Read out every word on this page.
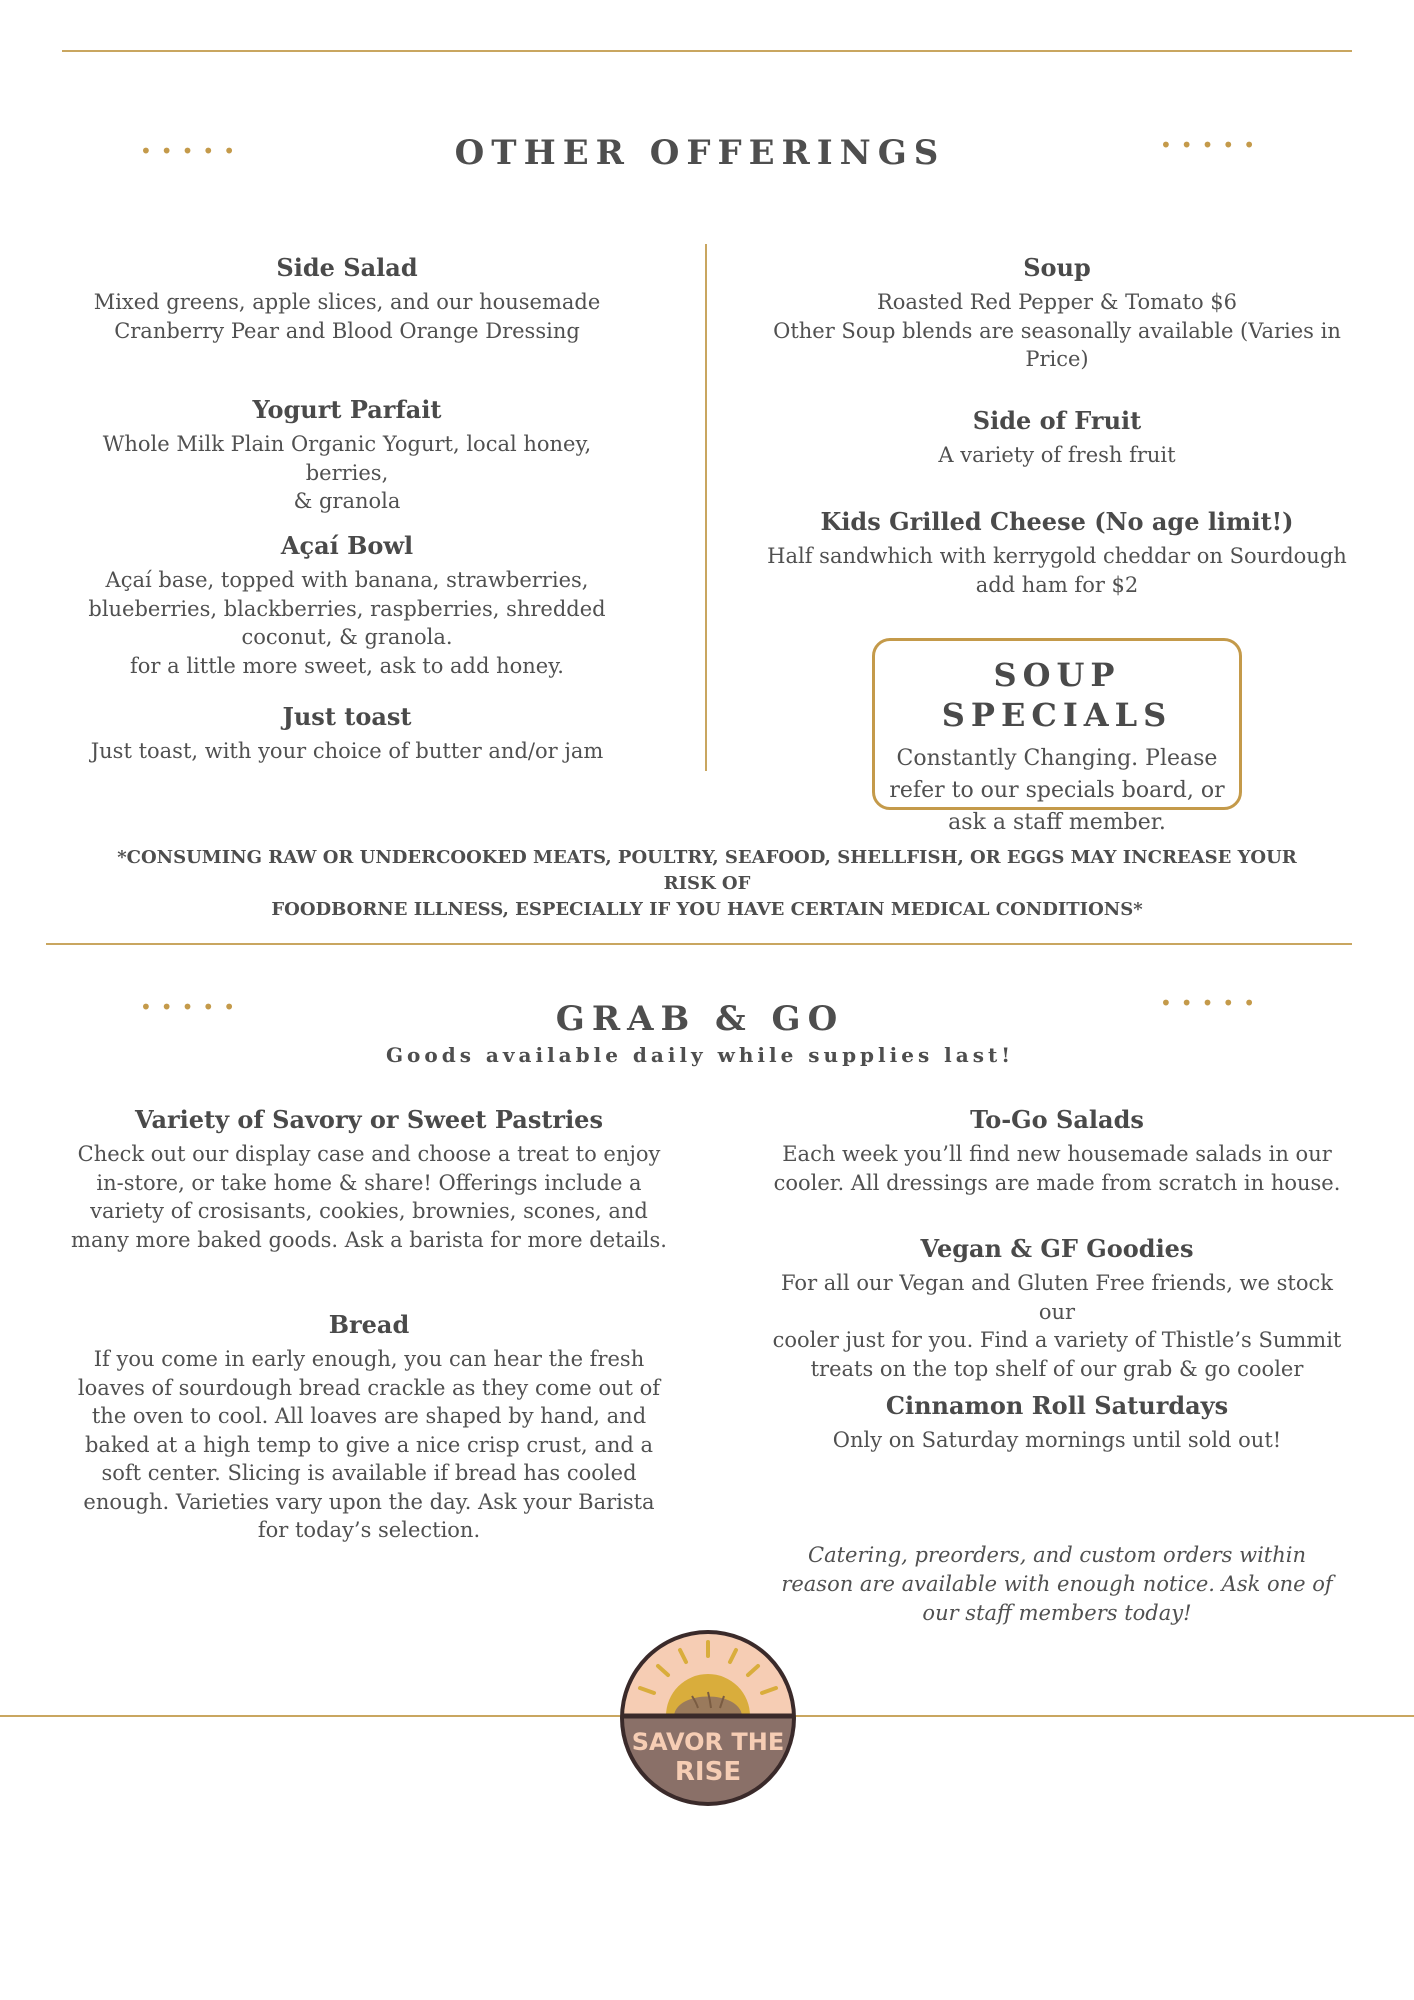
•••••	•••••
OTHER OFFERINGS
Side Salad
Mixed greens, apple slices, and our housemade
Cranberry Pear and Blood Orange Dressing
Yogurt Parfait
Whole Milk Plain Organic Yogurt, local honey, berries,
& granola
Açaí Bowl
Açaí base, topped with banana, strawberries,
blueberries, blackberries, raspberries, shredded
coconut, & granola.
for a little more sweet, ask to add honey.
Just toast
Just toast, with your choice of butter and/or jam
Soup
Roasted Red Pepper & Tomato $6
Other Soup blends are seasonally available (Varies in
Price)
Side of Fruit
A variety of fresh fruit
Kids Grilled Cheese (No age limit!)
Half sandwhich with kerrygold cheddar on Sourdough
add ham for $2
SOUP SPECIALS
Constantly Changing. Please
refer to our specials board, or
ask a staff member.
*CONSUMING RAW OR UNDERCOOKED MEATS, POULTRY, SEAFOOD, SHELLFISH, OR EGGS MAY INCREASE YOUR RISK OF
FOODBORNE ILLNESS, ESPECIALLY IF YOU HAVE CERTAIN MEDICAL CONDITIONS*
•••••	•••••
GRAB & GO
Goods available daily while supplies last!
Variety of Savory or Sweet Pastries
Check out our display case and choose a treat to enjoy
in-store, or take home & share! Offerings include a
variety of crosisants, cookies, brownies, scones, and
many more baked goods. Ask a barista for more details.
Bread
If you come in early enough, you can hear the fresh
loaves of sourdough bread crackle as they come out of
the oven to cool. All loaves are shaped by hand, and
baked at a high temp to give a nice crisp crust, and a
soft center. Slicing is available if bread has cooled
enough. Varieties vary upon the day. Ask your Barista
for today’s selection.
To-Go Salads
Each week you’ll find new housemade salads in our
cooler. All dressings are made from scratch in house.
Vegan & GF Goodies
For all our Vegan and Gluten Free friends, we stock our
cooler just for you. Find a variety of Thistle’s Summit
treats on the top shelf of our grab & go cooler
Cinnamon Roll Saturdays
Only on Saturday mornings until sold out!
Catering, preorders, and custom orders within
reason are available with enough notice. Ask one of
our staff members today!
SAVOR THE
RISE
